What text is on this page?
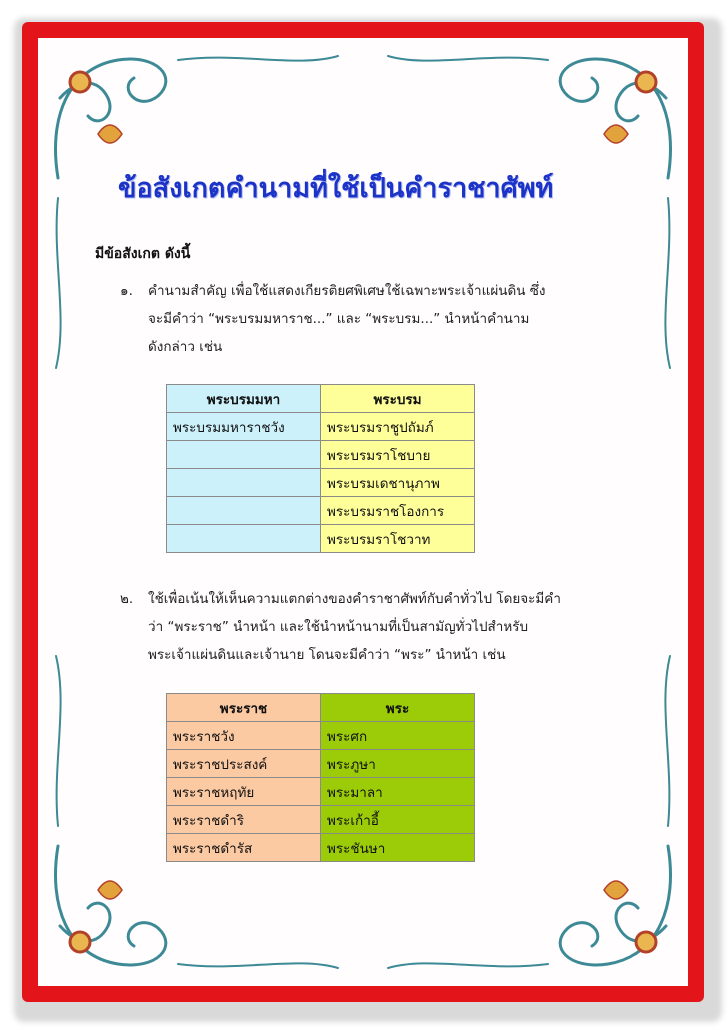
ข้อสังเกตคำนามที่ใช้เป็นคำราชาศัพท์
มีข้อสังเกต ดังนี้
๑. คำนามสำคัญ เพื่อใช้แสดงเกียรติยศพิเศษใช้เฉพาะพระเจ้าแผ่นดิน ซึ่ง
จะมีคำว่า “พระบรมมหาราช...” และ “พระบรม...” นำหน้าคำนาม
ดังกล่าว เช่น
พระบรมมหา	พระบรม
พระบรมมหาราชวัง	พระบรมราชูปถัมภ์
	พระบรมราโชบาย
	พระบรมเดชานุภาพ
	พระบรมราชโองการ
	พระบรมราโชวาท
๒. ใช้เพื่อเน้นให้เห็นความแตกต่างของคำราชาศัพท์กับคำทั่วไป โดยจะมีคำ
ว่า “พระราช” นำหน้า และใช้นำหน้านามที่เป็นสามัญทั่วไปสำหรับ
พระเจ้าแผ่นดินและเจ้านาย โดนจะมีคำว่า “พระ” นำหน้า เช่น
พระราช	พระ
พระราชวัง	พระศก
พระราชประสงค์	พระภูษา
พระราชหฤทัย	พระมาลา
พระราชดำริ	พระเก้าอี้
พระราชดำรัส	พระชันษา
